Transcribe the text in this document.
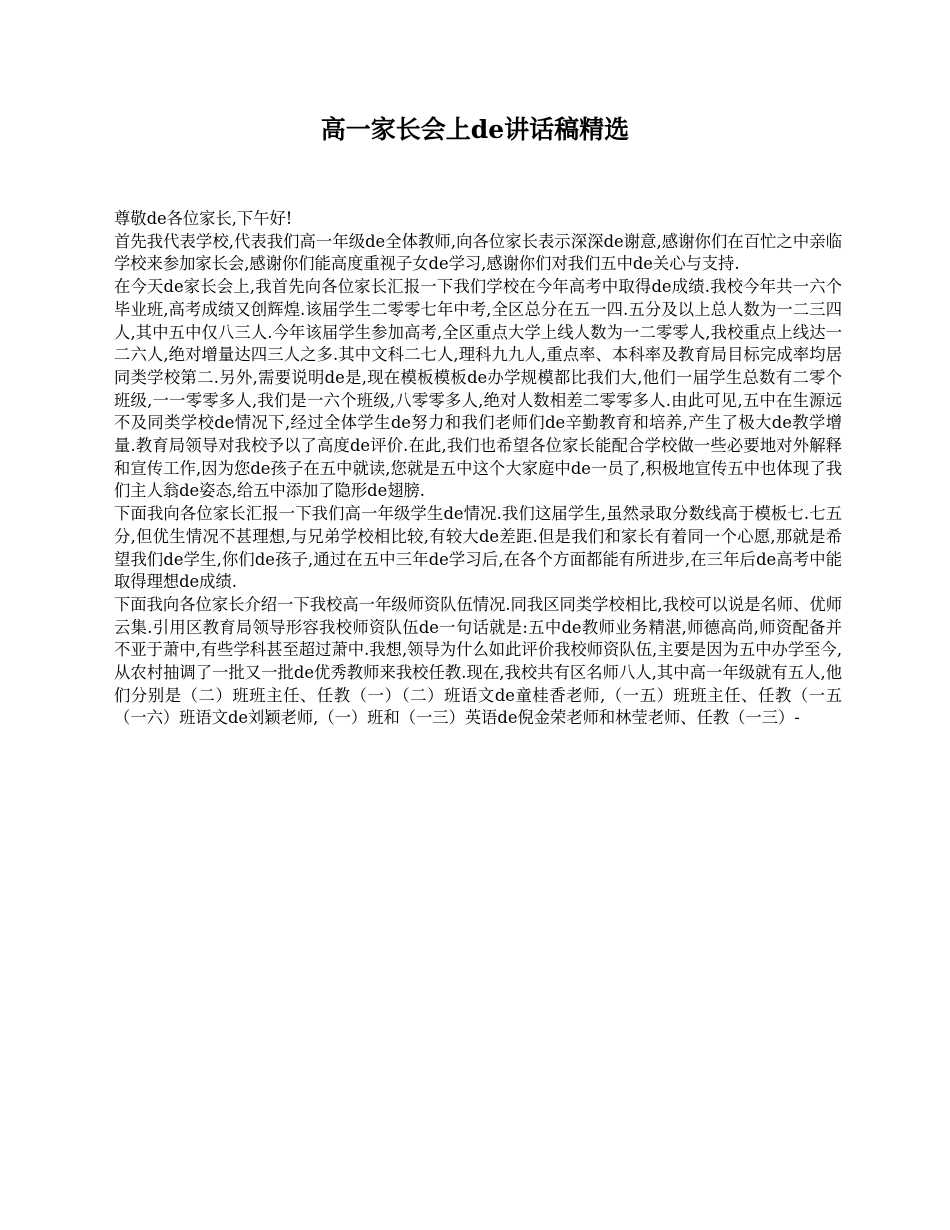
高一家长会上de讲话稿精选

尊敬de各位家长,下午好!

首先我代表学校,代表我们高一年级de全体教师,向各位家长表示深深de谢意,感谢你们在百忙之中亲临学校来参加家长会,感谢你们能高度重视子女de学习,感谢你们对我们五中de关心与支持.

在今天de家长会上,我首先向各位家长汇报一下我们学校在今年高考中取得de成绩.我校今年共一六个毕业班,高考成绩又创辉煌.该届学生二零零七年中考,全区总分在五一四.五分及以上总人数为一二三四人,其中五中仅八三人.今年该届学生参加高考,全区重点大学上线人数为一二零零人,我校重点上线达一二六人,绝对增量达四三人之多.其中文科二七人,理科九九人,重点率、本科率及教育局目标完成率均居同类学校第二.另外,需要说明de是,现在模板模板de办学规模都比我们大,他们一届学生总数有二零个班级,一一零零多人,我们是一六个班级,八零零多人,绝对人数相差二零零多人.由此可见,五中在生源远不及同类学校de情况下,经过全体学生de努力和我们老师们de辛勤教育和培养,产生了极大de教学增量.教育局领导对我校予以了高度de评价.在此,我们也希望各位家长能配合学校做一些必要地对外解释和宣传工作,因为您de孩子在五中就读,您就是五中这个大家庭中de一员了,积极地宣传五中也体现了我们主人翁de姿态,给五中添加了隐形de翅膀.

下面我向各位家长汇报一下我们高一年级学生de情况.我们这届学生,虽然录取分数线高于模板七.七五分,但优生情况不甚理想,与兄弟学校相比较,有较大de差距.但是我们和家长有着同一个心愿,那就是希望我们de学生,你们de孩子,通过在五中三年de学习后,在各个方面都能有所进步,在三年后de高考中能取得理想de成绩.

下面我向各位家长介绍一下我校高一年级师资队伍情况.同我区同类学校相比,我校可以说是名师、优师云集.引用区教育局领导形容我校师资队伍de一句话就是:五中de教师业务精湛,师德高尚,师资配备并不亚于萧中,有些学科甚至超过萧中.我想,领导为什么如此评价我校师资队伍,主要是因为五中办学至今,从农村抽调了一批又一批de优秀教师来我校任教.现在,我校共有区名师八人,其中高一年级就有五人,他们分别是（二）班班主任、任教（一）（二）班语文de童桂香老师,（一五）班班主任、任教（一五（一六）班语文de刘颖老师,（一）班和（一三）英语de倪金荣老师和林莹老师、任教（一三）-
